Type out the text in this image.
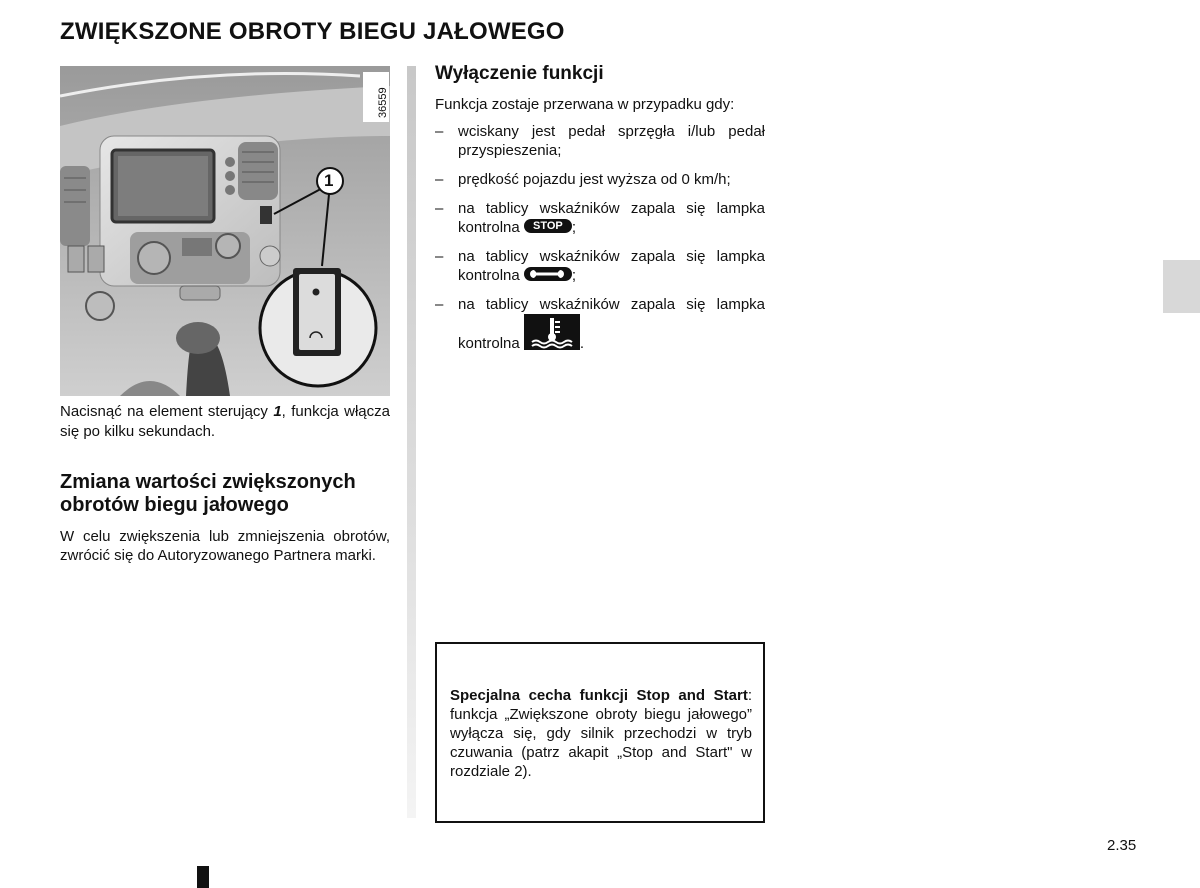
ZWIĘKSZONE OBROTY BIEGU JAŁOWEGO
1
36559

Nacisnąć na element sterujący 1, funkcja włącza się po kilku sekundach.

Zmiana wartości zwiększonych obrotów biegu jałowego

W celu zwiększenia lub zmniejszenia obrotów, zwrócić się do Autoryzowanego Partnera marki.

Wyłączenie funkcji

Funkcja zostaje przerwana w przypadku gdy:

– wciskany jest pedał sprzęgła i/lub pedał przyspieszenia;
– prędkość pojazdu jest wyższa od 0 km/h;
– na tablicy wskaźników zapala się lampka kontrolna	STOP ;
– na tablicy wskaźników zapala się lampka kontrolna	;
– na tablicy wskaźników zapala się lampka kontrolna	.

Specjalna cecha funkcji Stop and Start: funkcja „Zwiększone obroty biegu jałowego” wyłącza się, gdy silnik przechodzi w tryb czuwania (patrz akapit „Stop and Start" w rozdziale 2).

2.35
